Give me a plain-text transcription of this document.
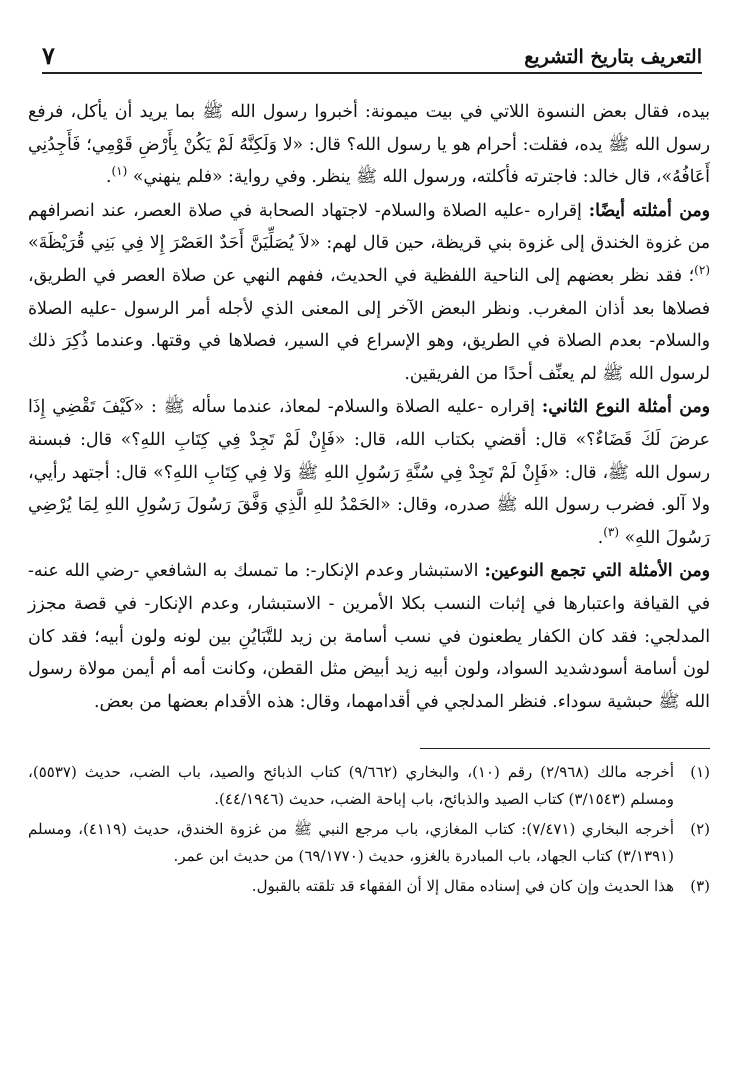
التعريف بتاريخ التشريع
٧

بيده، فقال بعض النسوة اللاتي في بيت ميمونة: أخبروا رسول الله ﷺ بما يريد أن يأكل، فرفع رسول الله ﷺ يده، فقلت: أحرام هو يا رسول الله؟ قال: «لا وَلَكِنَّهُ لَمْ يَكُنْ بِأَرْضِ قَوْمِي؛ فَأَجِدُنِي أَعَافُهُ»، قال خالد: فاجترته فأكلته، ورسول الله ﷺ ينظر. وفي رواية: «فلم ينهني» $^{(١)}$.

ومن أمثلته أيضًا: إقراره -عليه الصلاة والسلام- لاجتهاد الصحابة في صلاة العصر، عند انصرافهم من غزوة الخندق إلى غزوة بني قريظة، حين قال لهم: «لاَ يُصَلِّيَنَّ أَحَدٌ العَصْرَ إِلا فِي بَنِي قُرَيْظَةَ» $^{(٢)}$؛ فقد نظر بعضهم إلى الناحية اللفظية في الحديث، ففهم النهي عن صلاة العصر في الطريق، فصلاها بعد أذان المغرب. ونظر البعض الآخر إلى المعنى الذي لأجله أمر الرسول -عليه الصلاة والسلام- بعدم الصلاة في الطريق، وهو الإسراع في السير، فصلاها في وقتها. وعندما ذُكِرَ ذلك لرسول الله ﷺ لم يعنِّف أحدًا من الفريقين.

ومن أمثلة النوع الثاني: إقراره -عليه الصلاة والسلام- لمعاذ، عندما سأله ﷺ : «كَيْفَ تَقْضِي إِذَا عرضَ لَكَ قَضَاءٌ؟» قال: أقضي بكتاب الله، قال: «فَإِنْ لَمْ تَجِدْ فِي كِتَابِ اللهِ؟» قال: فبسنة رسول الله ﷺ، قال: «فَإِنْ لَمْ تَجِدْ فِي سُنَّةِ رَسُولِ اللهِ ﷺ وَلا فِي كِتَابِ اللهِ؟» قال: أجتهد رأيي، ولا آلو. فضرب رسول الله ﷺ صدره، وقال: «الحَمْدُ للهِ الَّذِي وَفَّقَ رَسُولَ رَسُولِ اللهِ لِمَا يُرْضِي رَسُولَ اللهِ» $^{(٣)}$.

ومن الأمثلة التي تجمع النوعين: الاستبشار وعدم الإنكار-: ما تمسك به الشافعي -رضي الله عنه- في القيافة واعتبارها في إثبات النسب بكلا الأمرين - الاستبشار، وعدم الإنكار- في قصة مجزز المدلجي: فقد كان الكفار يطعنون في نسب أسامة بن زيد للتَّبَايُنِ بين لونه ولون أبيه؛ فقد كان لون أسامة أسودشديد السواد، ولون أبيه زيد أبيض مثل القطن، وكانت أمه أم أيمن مولاة رسول الله ﷺ حبشية سوداء. فنظر المدلجي في أقدامهما، وقال: هذه الأقدام بعضها من بعض.

(١)
أخرجه مالك (٢/٩٦٨) رقم (١٠)، والبخاري (٩/٦٦٢) كتاب الذبائح والصيد، باب الضب، حديث (٥٥٣٧)، ومسلم (٣/١٥٤٣) كتاب الصيد والذبائح، باب إباحة الضب، حديث (٤٤/١٩٤٦).
(٢)
أخرجه البخاري (٧/٤٧١): كتاب المغازي، باب مرجع النبي ﷺ من غزوة الخندق، حديث (٤١١٩)، ومسلم (٣/١٣٩١) كتاب الجهاد، باب المبادرة بالغزو، حديث (٦٩/١٧٧٠) من حديث ابن عمر.
(٣)
هذا الحديث وإن كان في إسناده مقال إلا أن الفقهاء قد تلقته بالقبول.
